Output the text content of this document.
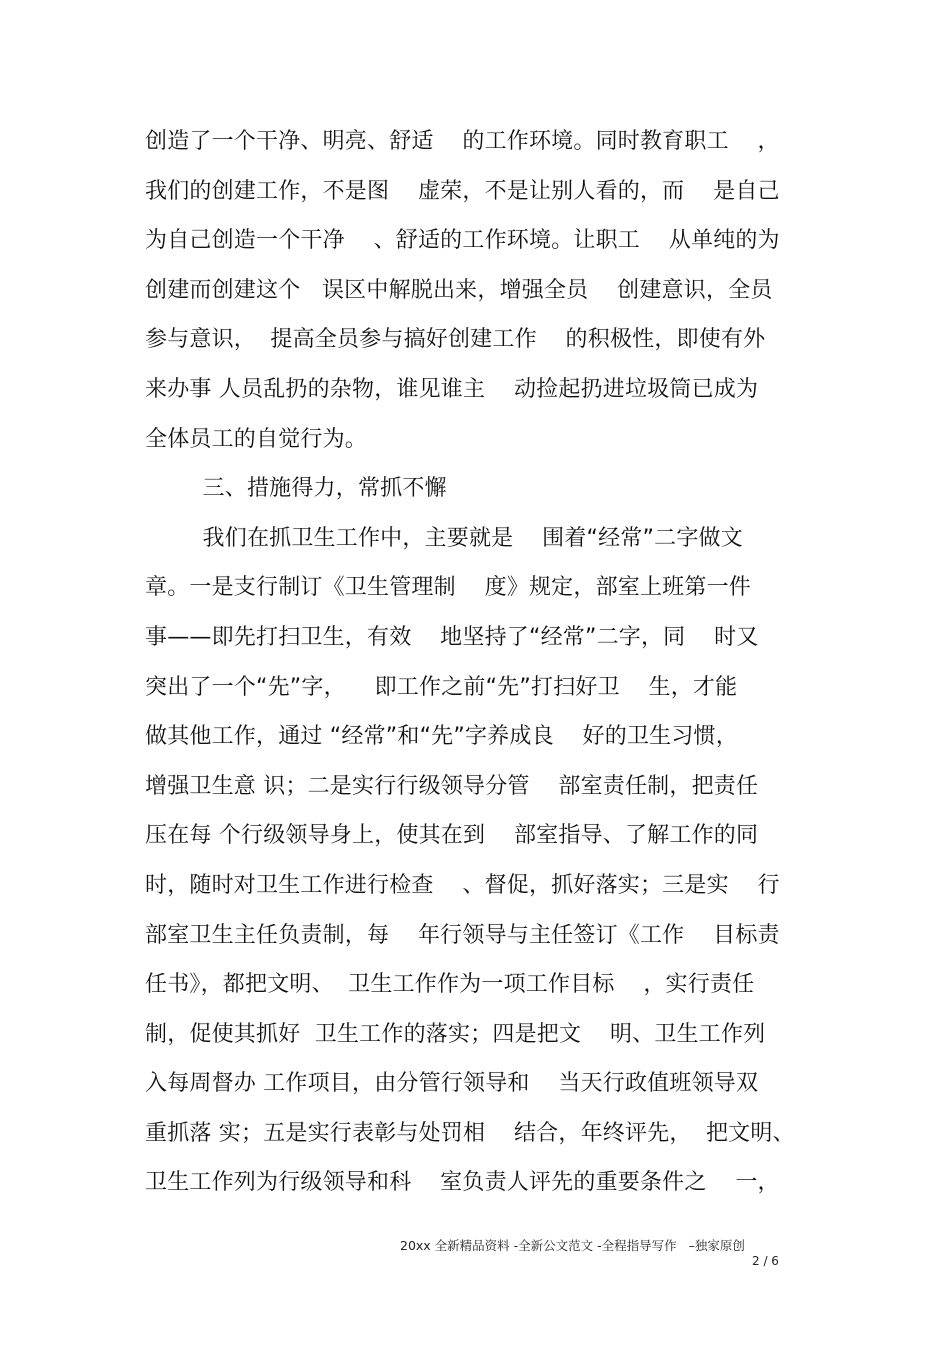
创造了一个干净、明亮、舒适    的工作环境。同时教育职工    ，
我们的创建工作，不是图    虚荣，不是让别人看的，而    是自己
为自己创造一个干净    、舒适的工作环境。让职工    从单纯的为
创建而创建这个   误区中解脱出来，增强全员    创建意识，全员
参与意识，  提高全员参与搞好创建工作    的积极性，即使有外
来办事 人员乱扔的杂物，谁见谁主    动捡起扔进垃圾筒已成为
全体员工的自觉行为。
三、措施得力，常抓不懈
我们在抓卫生工作中，主要就是    围着“经常”二字做文
章。一是支行制订《卫生管理制    度》规定，部室上班第一件
事——即先打扫卫生，有效    地坚持了“经常”二字，同    时又
突出了一个“先”字，    即工作之前“先”打扫好卫    生，才能
做其他工作，通过 “经常”和“先”字养成良    好的卫生习惯，
增强卫生意 识；二是实行行级领导分管    部室责任制，把责任
压在每 个行级领导身上，使其在到    部室指导、了解工作的同
时，随时对卫生工作进行检查    、督促，抓好落实；三是实    行
部室卫生主任负责制，每    年行领导与主任签订《工作    目标责
任书》，都把文明、  卫生工作作为一项工作目标    ，实行责任
制，促使其抓好  卫生工作的落实；四是把文    明、卫生工作列
入每周督办 工作项目，由分管行领导和    当天行政值班领导双
重抓落 实；五是实行表彰与处罚相    结合，年终评先，  把文明、
卫生工作列为行级领导和科    室负责人评先的重要条件之    一，
20xx 全新精品资料 -全新公文范文 -全程指导写作   –独家原创
2 / 6
